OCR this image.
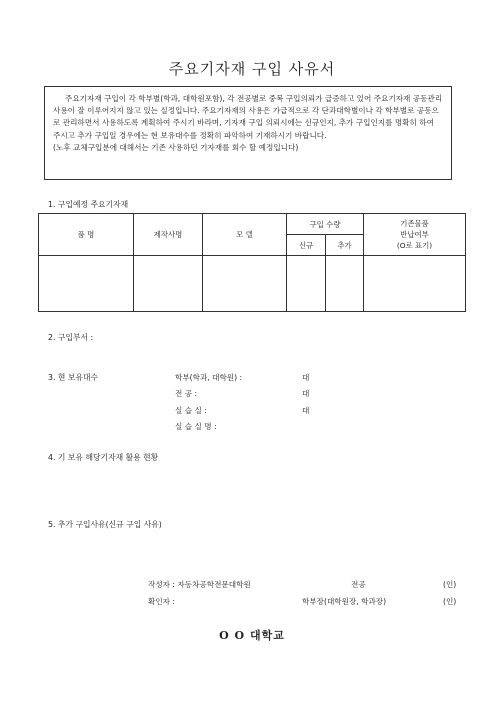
주요기자재 구입 사유서

주요기자재 구입이 각 학부별(학과, 대학원포함), 각 전공별로 중복 구입의뢰가 급증하고 있어 주요기자재 공동관리사용이 잘 이루어지지 않고 있는 실정입니다. 주요기자재의 사용은 가급적으로 각 단과대학별이나 각 학부별로 공동으로 관리하면서 사용하도록 계획하여 주시기 바라며, 기자재 구입 의뢰시에는 신규인지, 추가 구입인지를 명확히 하여 주시고 추가 구입일 경우에는 현 보유대수를 정확히 파악하여 기재하시기 바랍니다.

(노후 교체구입분에 대해서는 기존 사용하던 기자재를 회수 할 예정입니다)

1. 구입예정 주요기자재
품 명	제작사명	모 델	구입 수량		기존물품
반납여부
(O로 표기)

			신규	추가	

2. 구입부서 :
3. 현 보유대수	학부(학과, 대학원) :	대
전 공 :	대
실 습 실 :	대
실 습 실 명 :
4. 기 보유 해당기자재 활용 현황
5. 추가 구입사유(신규 구입 사유)
작성자 : 자동차공학전문대학원	전공	(인)
확인자 :	학부장(대학원장, 학과장)	(인)
O O 대학교
